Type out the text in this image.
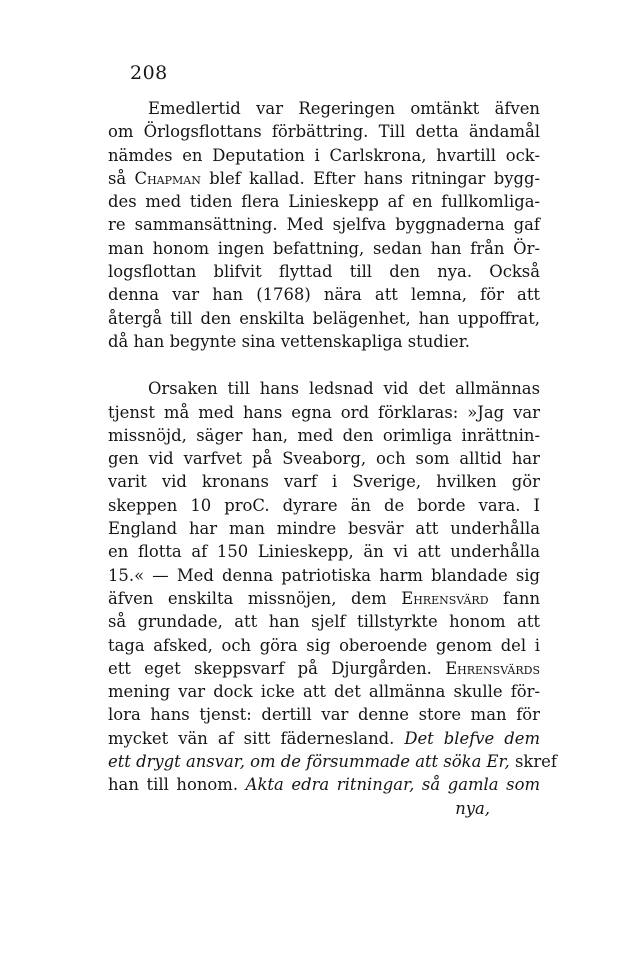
208
Emedlertid var Regeringen omtänkt äfven
om Örlogsflottans förbättring. Till detta ändamål
nämdes en Deputation i Carlskrona, hvartill ock-
så Chapman blef kallad. Efter hans ritningar bygg-
des med tiden flera Linieskepp af en fullkomliga-
re sammansättning. Med sjelfva byggnaderna gaf
man honom ingen befattning, sedan han från Ör-
logsflottan blifvit flyttad till den nya. Också
denna var han (1768) nära att lemna, för att
återgå till den enskilta belägenhet, han uppoffrat,
då han begynte sina vettenskapliga studier.
Orsaken till hans ledsnad vid det allmännas
tjenst må med hans egna ord förklaras: »Jag var
missnöjd, säger han, med den orimliga inrättnin-
gen vid varfvet på Sveaborg, och som alltid har
varit vid kronans varf i Sverige, hvilken gör
skeppen 10 proC. dyrare än de borde vara. I
England har man mindre besvär att underhålla
en flotta af 150 Linieskepp, än vi att underhålla
15.« — Med denna patriotiska harm blandade sig
äfven enskilta missnöjen, dem Ehrensvärd fann
så grundade, att han sjelf tillstyrkte honom att
taga afsked, och göra sig oberoende genom del i
ett eget skeppsvarf på Djurgården. Ehrensvärds
mening var dock icke att det allmänna skulle för-
lora hans tjenst: dertill var denne store man för
mycket vän af sitt fädernesland. Det blefve dem
ett drygt ansvar, om de försummade att söka Er, skref
han till honom. Akta edra ritningar, så gamla som
nya,
